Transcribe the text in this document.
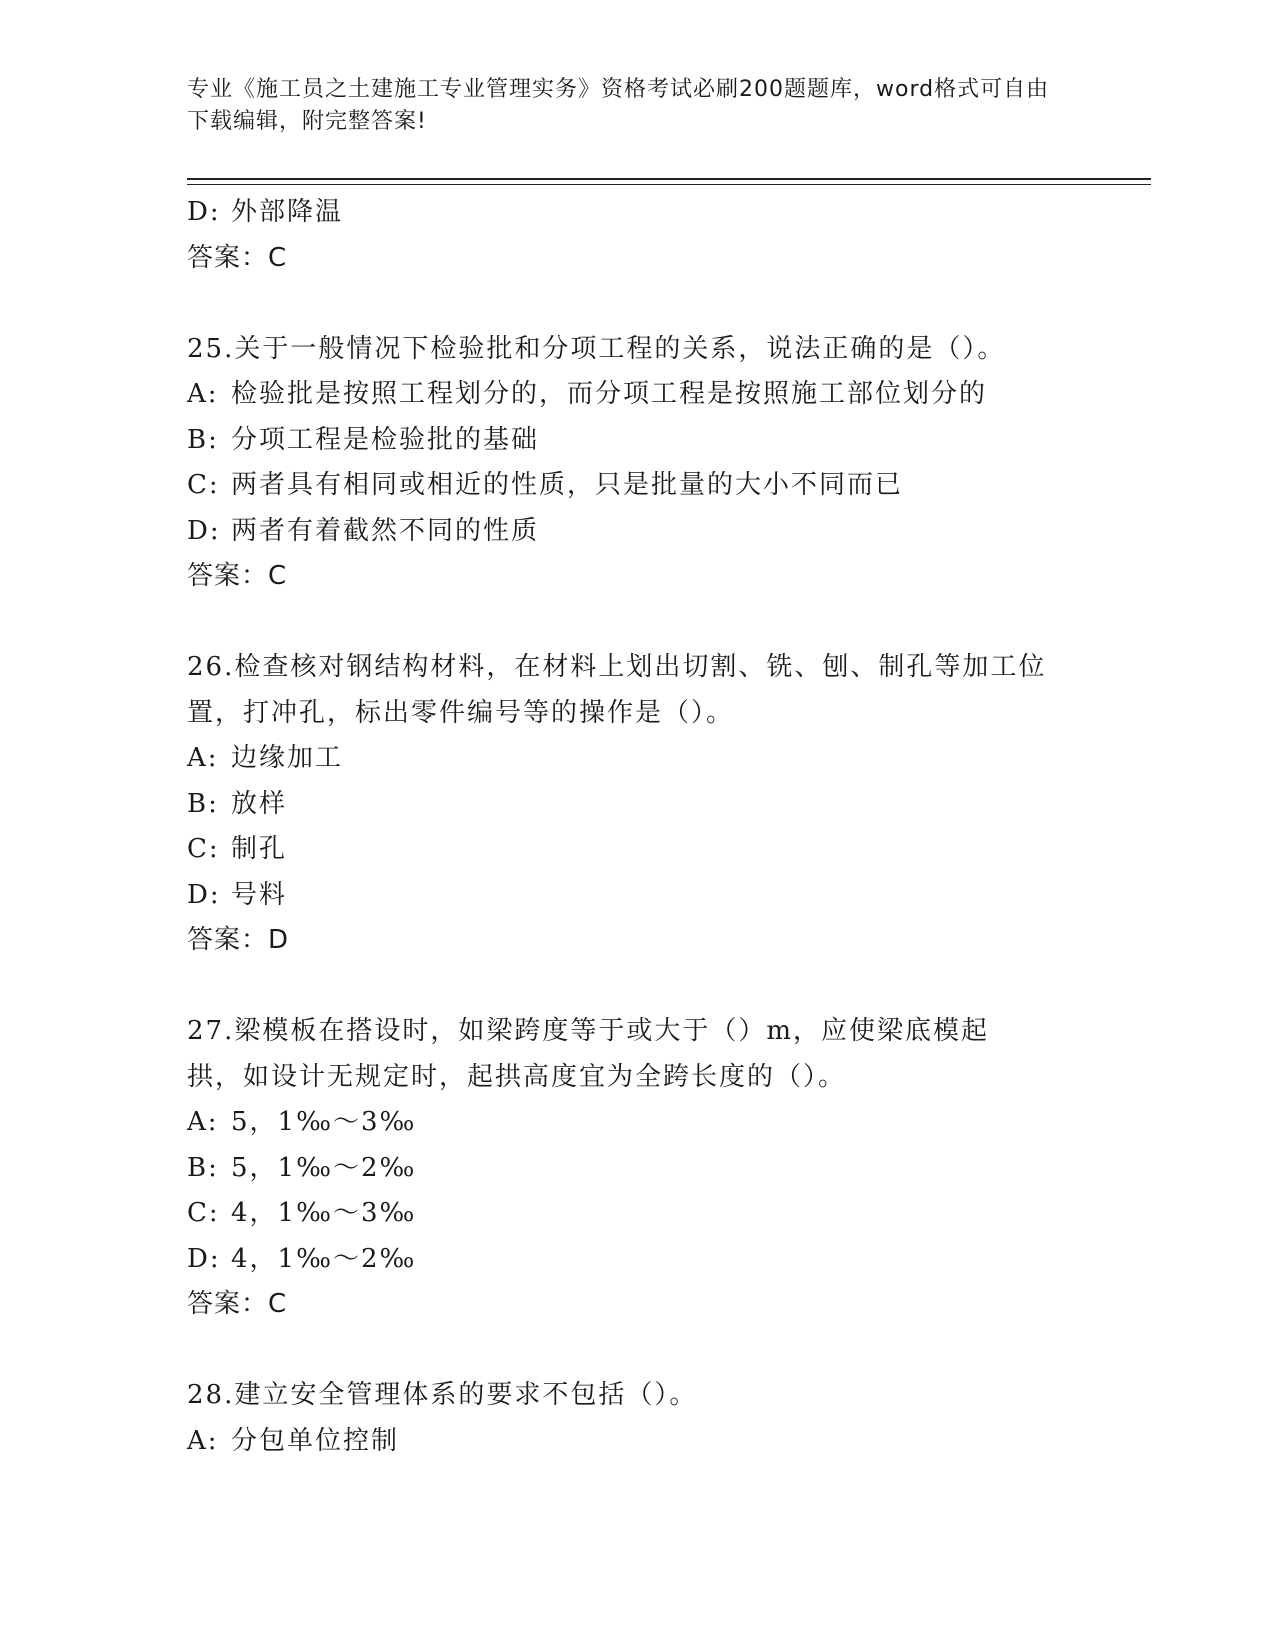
专业《施工员之土建施工专业管理实务》资格考试必刷200题题库，word格式可自由下载编辑，附完整答案!
D: 外部降温
答案：C
25.关于一般情况下检验批和分项工程的关系，说法正确的是（）。
A: 检验批是按照工程划分的，而分项工程是按照施工部位划分的
B: 分项工程是检验批的基础
C: 两者具有相同或相近的性质，只是批量的大小不同而已
D: 两者有着截然不同的性质
答案：C
26.检查核对钢结构材料，在材料上划出切割、铣、刨、制孔等加工位置，打冲孔，标出零件编号等的操作是（）。
A: 边缘加工
B: 放样
C: 制孔
D: 号料
答案：D
27.梁模板在搭设时，如梁跨度等于或大于（）m，应使梁底模起拱，如设计无规定时，起拱高度宜为全跨长度的（）。
A: 5，1‰～3‰
B: 5，1‰～2‰
C: 4，1‰～3‰
D: 4，1‰～2‰
答案：C
28.建立安全管理体系的要求不包括（）。
A: 分包单位控制
